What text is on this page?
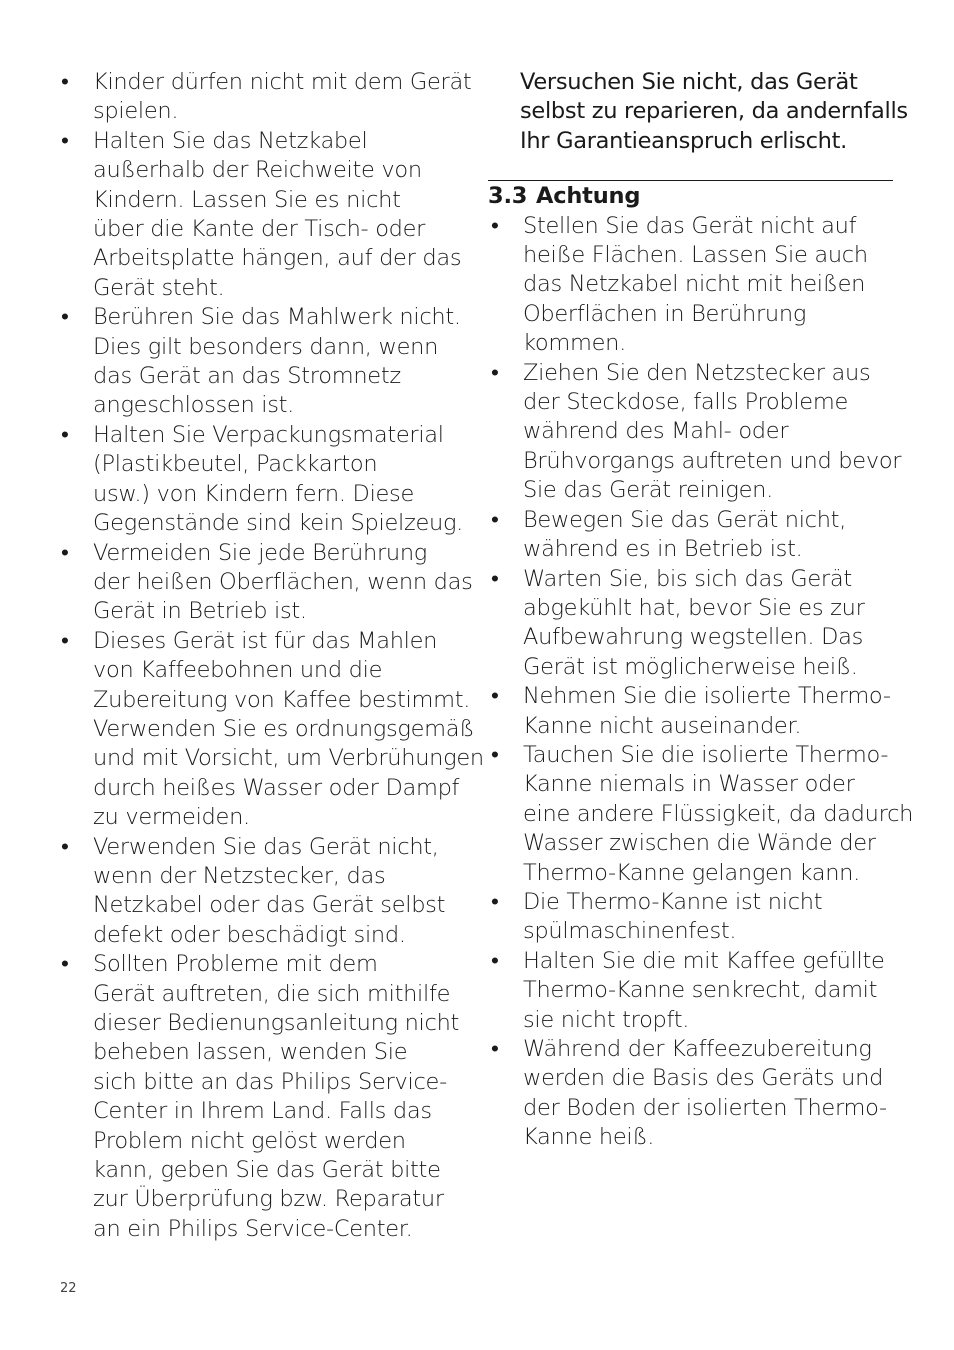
• Kinder dürfen nicht mit dem Gerät
spielen.
• Halten Sie das Netzkabel
außerhalb der Reichweite von
Kindern. Lassen Sie es nicht
über die Kante der Tisch- oder
Arbeitsplatte hängen, auf der das
Gerät steht.
• Berühren Sie das Mahlwerk nicht.
Dies gilt besonders dann, wenn
das Gerät an das Stromnetz
angeschlossen ist.
• Halten Sie Verpackungsmaterial
(Plastikbeutel, Packkarton
usw.) von Kindern fern. Diese
Gegenstände sind kein Spielzeug.
• Vermeiden Sie jede Berührung
der heißen Oberflächen, wenn das
Gerät in Betrieb ist.
• Dieses Gerät ist für das Mahlen
von Kaffeebohnen und die
Zubereitung von Kaffee bestimmt.
Verwenden Sie es ordnungsgemäß
und mit Vorsicht, um Verbrühungen
durch heißes Wasser oder Dampf
zu vermeiden.
• Verwenden Sie das Gerät nicht,
wenn der Netzstecker, das
Netzkabel oder das Gerät selbst
defekt oder beschädigt sind.
• Sollten Probleme mit dem
Gerät auftreten, die sich mithilfe
dieser Bedienungsanleitung nicht
beheben lassen, wenden Sie
sich bitte an das Philips Service-
Center in Ihrem Land. Falls das
Problem nicht gelöst werden
kann, geben Sie das Gerät bitte
zur Überprüfung bzw. Reparatur
an ein Philips Service-Center.
Versuchen Sie nicht, das Gerät
selbst zu reparieren, da andernfalls
Ihr Garantieanspruch erlischt.
3.3 Achtung
• Stellen Sie das Gerät nicht auf
heiße Flächen. Lassen Sie auch
das Netzkabel nicht mit heißen
Oberflächen in Berührung
kommen.
• Ziehen Sie den Netzstecker aus
der Steckdose, falls Probleme
während des Mahl- oder
Brühvorgangs auftreten und bevor
Sie das Gerät reinigen.
• Bewegen Sie das Gerät nicht,
während es in Betrieb ist.
• Warten Sie, bis sich das Gerät
abgekühlt hat, bevor Sie es zur
Aufbewahrung wegstellen. Das
Gerät ist möglicherweise heiß.
• Nehmen Sie die isolierte Thermo-
Kanne nicht auseinander.
• Tauchen Sie die isolierte Thermo-
Kanne niemals in Wasser oder
eine andere Flüssigkeit, da dadurch
Wasser zwischen die Wände der
Thermo-Kanne gelangen kann.
• Die Thermo-Kanne ist nicht
spülmaschinenfest.
• Halten Sie die mit Kaffee gefüllte
Thermo-Kanne senkrecht, damit
sie nicht tropft.
• Während der Kaffeezubereitung
werden die Basis des Geräts und
der Boden der isolierten Thermo-
Kanne heiß.
22
